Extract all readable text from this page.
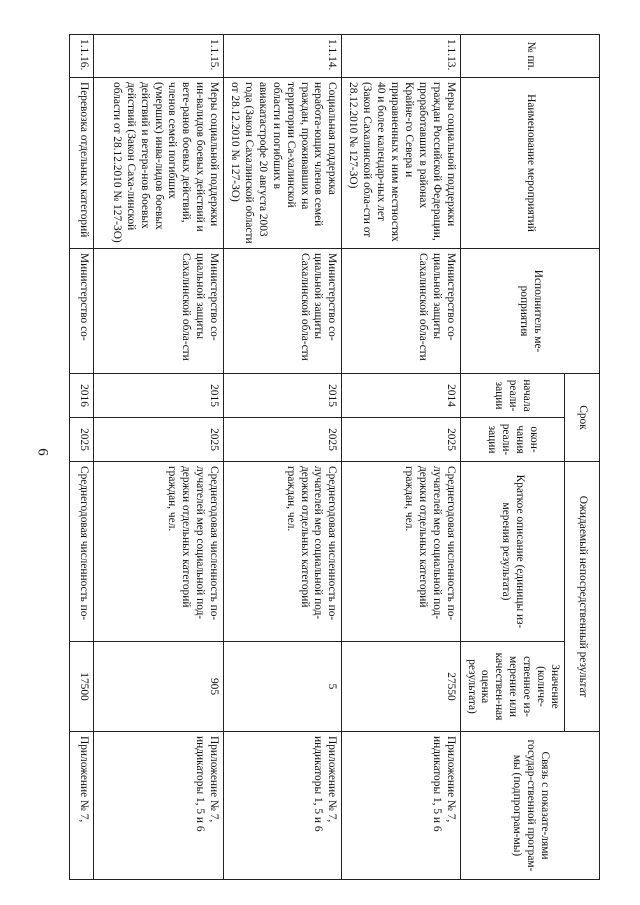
6
№ пп.	Наименование мероприятий	Исполнитель ме-роприятия	Срок		Ожидаемый непосредственный результат		Связь с показате-лями государ-ственной програм-мы (подпрограм-мы)
			начала реали-зации	окон-чания реали-зации	Краткое описание (единицы из-мерения результата)	Значение (количе-ственное из-мерение или качествен-ная оценка результата)	
1.1.13.	Меры социальной поддержки граждан Российской Федерации, проработавших в районах Крайне-го Севера и приравненных к ним местностях 40 и более календар-ных лет (Закон Сахалинской обла-сти от 28.12.2010 № 127-ЗО)	Министерство со-циальной защиты Сахалинской обла-сти	2014	2025	Среднегодовая численность по-лучателей мер социальной под-держки отдельных категорий граждан, чел.	27550	Приложение № 7, индикаторы 1, 5 и 6
1.1.14.	Социальная поддержка неработа-ющих членов семей граждан, проживавших на территории Са-халинской области и погибших в авиакатастрофе 20 августа 2003 года (Закон Сахалинской области от 28.12.2010 № 127-ЗО)	Министерство со-циальной защиты Сахалинской обла-сти	2015	2025	Среднегодовая численность по-лучателей мер социальной под-держки отдельных категорий граждан, чел.	5	Приложение № 7, индикаторы 1, 5 и 6
1.1.15.	Меры социальной поддержки ин-валидов боевых действий и вете-ранов боевых действий, членов семей погибших (умерших) инва-лидов боевых действий и ветера-нов боевых действий (Закон Саха-линской области от 28.12.2010 № 127-ЗО)	Министерство со-циальной защиты Сахалинской обла-сти	2015	2025	Среднегодовая численность по-лучателей мер социальной под-держки отдельных категорий граждан, чел.	905	Приложение № 7, индикаторы 1, 5 и 6
1.1.16.	Перевозка отдельных категорий	Министерство со-	2016	2025	Среднегодовая численность по-	17500	Приложение № 7,
